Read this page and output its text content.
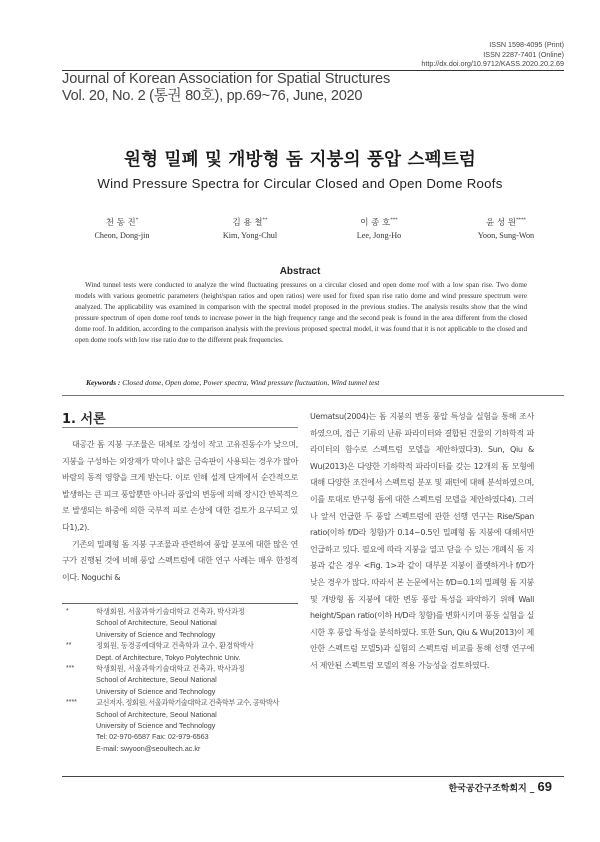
ISSN 1598-4095 (Print)
ISSN 2287-7401 (Online)
http://dx.doi.org/10.9712/KASS.2020.20.2.69
Journal of Korean Association for Spatial Structures
Vol. 20, No. 2 (통권 80호), pp.69~76, June, 2020
원형 밀폐 및 개방형 돔 지붕의 풍압 스펙트럼
Wind Pressure Spectra for Circular Closed and Open Dome Roofs
천 동 진*
Cheon, Dong-jin
김 용 철**
Kim, Yong-Chul
이 종 호***
Lee, Jong-Ho
윤 성 원****
Yoon, Sung-Won
Abstract
Wind tunnel tests were conducted to analyze the wind fluctuating pressures on a circular closed and open dome roof with a low span rise. Two dome models with various geometric parameters (height/span ratios and open ratios) were used for fixed span rise ratio dome and wind pressure spectrum were analyzed. The applicability was examined in comparison with the spectral model proposed in the previous studies. The analysis results show that the wind pressure spectrum of open dome roof tends to increase power in the high frequency range and the second peak is found in the area different from the closed dome roof. In addition, according to the comparison analysis with the previous proposed spectral model, it was found that it is not applicable to the closed and open dome roofs with low rise ratio due to the different peak frequencies.
Keywords : Closed dome, Open dome, Power spectra, Wind pressure fluctuation, Wind tunnel test
1. 서론

대공간 돔 지붕 구조물은 대체로 강성이 작고 고유진동수가 낮으며, 지붕을 구성하는 외장재가 막이나 얇은 금속판이 사용되는 경우가 많아 바람의 동적 영향을 크게 받는다. 이로 인해 설계 단계에서 순간적으로 발생하는 큰 피크 풍압뿐만 아니라 풍압의 변동에 의해 장시간 반복적으로 발생되는 하중에 의한 국부적 피로 손상에 대한 검토가 요구되고 있다1),2).

기존의 밀폐형 돔 지붕 구조물과 관련하여 풍압 분포에 대한 많은 연구가 진행된 것에 비해 풍압 스펙트럼에 대한 연구 사례는 매우 한정적이다. Noguchi &

Uematsu(2004)는 돔 지붕의 변동 풍압 특성을 실험을 통해 조사하였으며, 접근 기류의 난류 파라미터와 결합된 건물의 기하학적 파라미터의 함수로 스펙트럼 모델을 제안하였다3). Sun, Qiu & Wu(2013)은 다양한 기하학적 파라미터를 갖는 12개의 돔 모형에 대해 다양한 조건에서 스펙트럼 분포 및 패턴에 대해 분석하였으며, 이를 토대로 반구형 돔에 대한 스펙트럼 모델을 제안하였다4). 그러나 앞서 언급한 두 풍압 스펙트럼에 관한 선행 연구는 Rise/Span ratio(이하 f/D라 칭함)가 0.14~0.5인 밀폐형 돔 지붕에 대해서만 언급하고 있다. 필요에 따라 지붕을 열고 닫을 수 있는 개폐식 돔 지붕과 같은 경우 <Fig. 1>과 같이 대부분 지붕이 플랫하거나 f/D가 낮은 경우가 많다. 따라서 본 논문에서는 f/D=0.1의 밀폐형 돔 지붕 및 개방형 돔 지붕에 대한 변동 풍압 특성을 파악하기 위해 Wall height/Span ratio(이하 H/D라 칭함)를 변화시키며 풍동 실험을 실시한 후 풍압 특성을 분석하였다. 또한 Sun, Qiu & Wu(2013)이 제안한 스펙트럼 모델5)과 실험의 스펙트럼 비교를 통해 선행 연구에서 제안된 스펙트럼 모델의 적용 가능성을 검토하였다.

*	학생회원, 서울과학기술대학교 건축과, 박사과정
School of Architecture, Seoul National
University of Science and Technology
**	정회원, 동경공예대학교 건축학과 교수, 환경학박사
Dept. of Architecture, Tokyo Polytechnic Univ.
***	학생회원, 서울과학기술대학교 건축과, 박사과정
School of Architecture, Seoul National
University of Science and Technology
****	교신저자, 정회원, 서울과학기술대학교 건축학부 교수, 공학박사
School of Architecture, Seoul National
University of Science and Technology
Tel: 02-970-6587 Fax: 02-979-6563
E-mail: swyoon@seoultech.ac.kr
한국공간구조학회지 _ 69
